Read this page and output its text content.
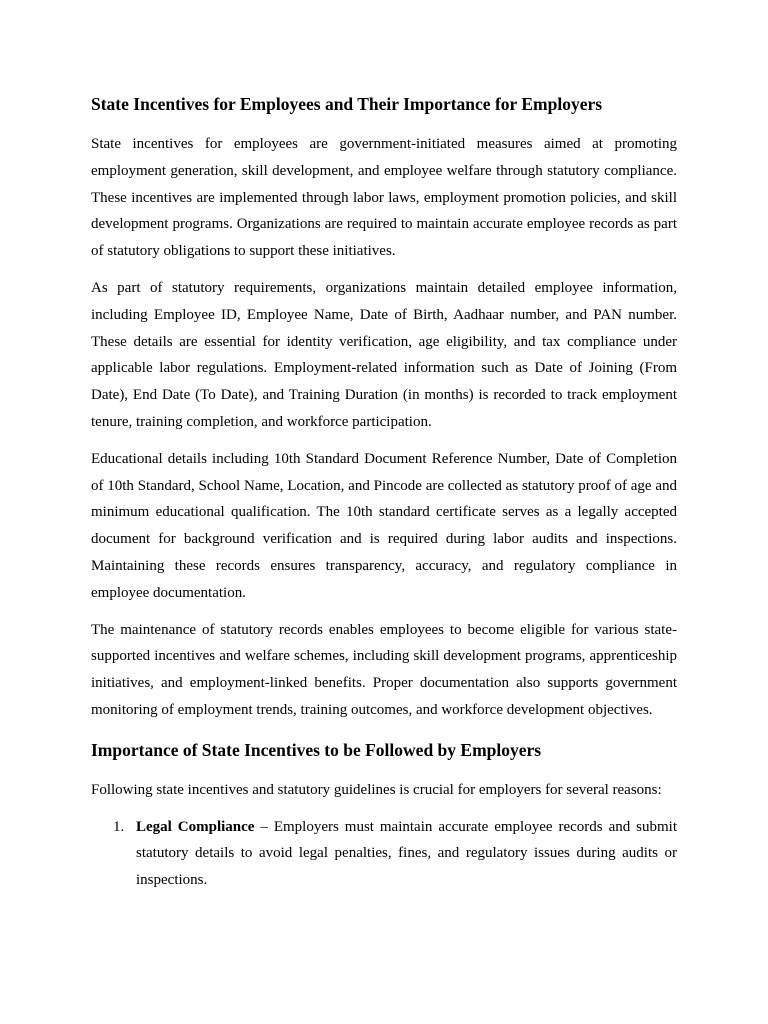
State Incentives for Employees and Their Importance for Employers

State incentives for employees are government-initiated measures aimed at promoting employment generation, skill development, and employee welfare through statutory compliance. These incentives are implemented through labor laws, employment promotion policies, and skill development programs. Organizations are required to maintain accurate employee records as part of statutory obligations to support these initiatives.

As part of statutory requirements, organizations maintain detailed employee information, including Employee ID, Employee Name, Date of Birth, Aadhaar number, and PAN number. These details are essential for identity verification, age eligibility, and tax compliance under applicable labor regulations. Employment-related information such as Date of Joining (From Date), End Date (To Date), and Training Duration (in months) is recorded to track employment tenure, training completion, and workforce participation.

Educational details including 10th Standard Document Reference Number, Date of Completion of 10th Standard, School Name, Location, and Pincode are collected as statutory proof of age and minimum educational qualification. The 10th standard certificate serves as a legally accepted document for background verification and is required during labor audits and inspections. Maintaining these records ensures transparency, accuracy, and regulatory compliance in employee documentation.

The maintenance of statutory records enables employees to become eligible for various state-supported incentives and welfare schemes, including skill development programs, apprenticeship initiatives, and employment-linked benefits. Proper documentation also supports government monitoring of employment trends, training outcomes, and workforce development objectives.

Importance of State Incentives to be Followed by Employers

Following state incentives and statutory guidelines is crucial for employers for several reasons:

1. Legal Compliance – Employers must maintain accurate employee records and submit statutory details to avoid legal penalties, fines, and regulatory issues during audits or inspections.
